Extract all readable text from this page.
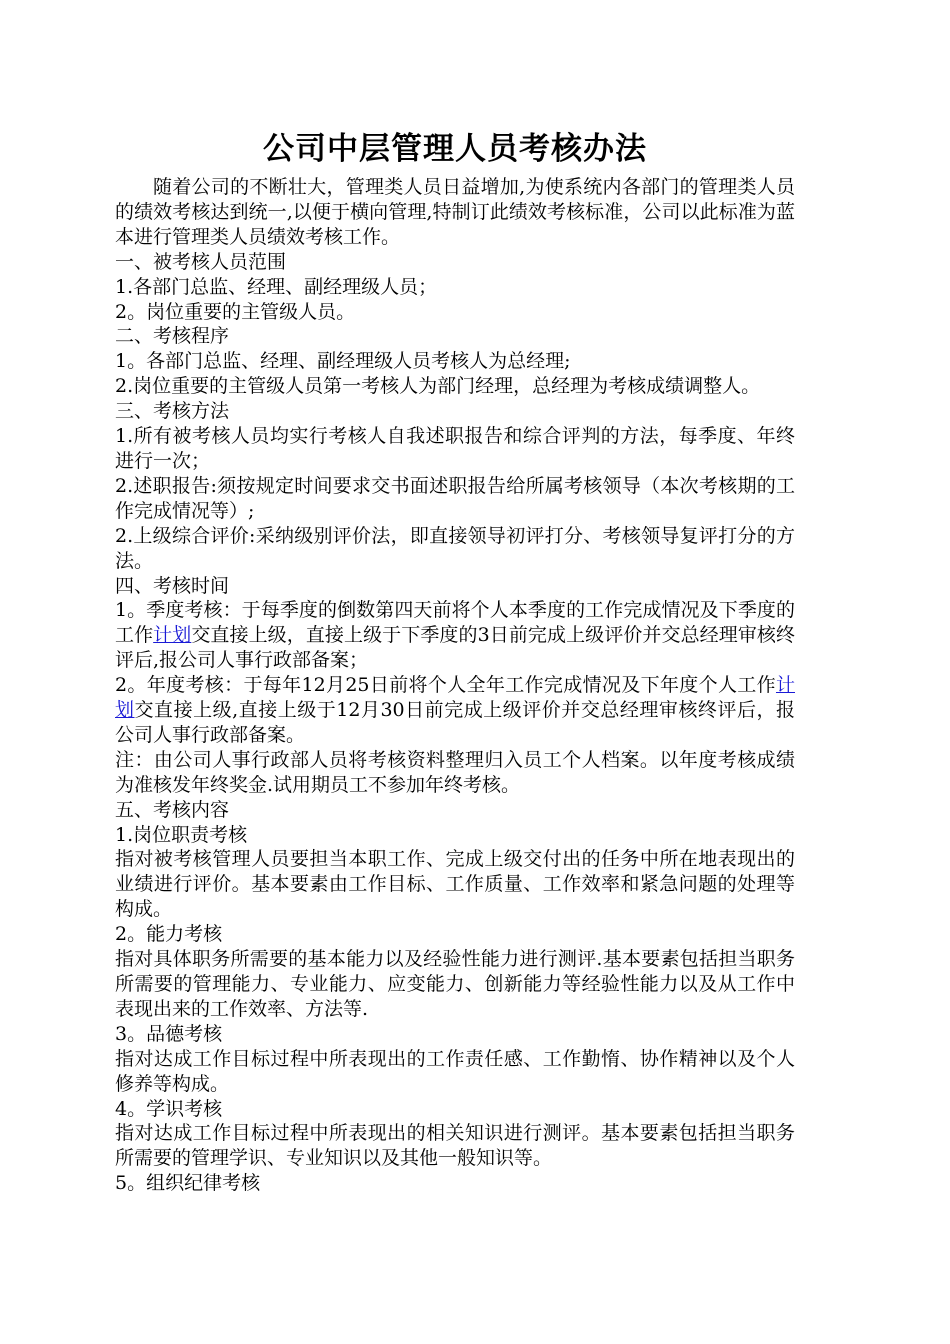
公司中层管理人员考核办法

随着公司的不断壮大，管理类人员日益增加,为使系统内各部门的管理类人员的绩效考核达到统一,以便于横向管理,特制订此绩效考核标准，公司以此标准为蓝本进行管理类人员绩效考核工作。

一、被考核人员范围

1.各部门总监、经理、副经理级人员；

2。岗位重要的主管级人员。

二、考核程序

1。各部门总监、经理、副经理级人员考核人为总经理;

2.岗位重要的主管级人员第一考核人为部门经理，总经理为考核成绩调整人。

三、考核方法

1.所有被考核人员均实行考核人自我述职报告和综合评判的方法，每季度、年终进行一次；

2.述职报告:须按规定时间要求交书面述职报告给所属考核领导（本次考核期的工作完成情况等）;

2.上级综合评价:采纳级别评价法，即直接领导初评打分、考核领导复评打分的方法。

四、考核时间

1。季度考核：于每季度的倒数第四天前将个人本季度的工作完成情况及下季度的工作计划交直接上级，直接上级于下季度的3日前完成上级评价并交总经理审核终评后,报公司人事行政部备案；

2。年度考核：于每年12月25日前将个人全年工作完成情况及下年度个人工作计划交直接上级,直接上级于12月30日前完成上级评价并交总经理审核终评后，报公司人事行政部备案。

注：由公司人事行政部人员将考核资料整理归入员工个人档案。以年度考核成绩为准核发年终奖金.试用期员工不参加年终考核。

五、考核内容

1.岗位职责考核

指对被考核管理人员要担当本职工作、完成上级交付出的任务中所在地表现出的业绩进行评价。基本要素由工作目标、工作质量、工作效率和紧急问题的处理等构成。

2。能力考核

指对具体职务所需要的基本能力以及经验性能力进行测评.基本要素包括担当职务所需要的管理能力、专业能力、应变能力、创新能力等经验性能力以及从工作中表现出来的工作效率、方法等.

3。品德考核

指对达成工作目标过程中所表现出的工作责任感、工作勤惰、协作精神以及个人修养等构成。

4。学识考核

指对达成工作目标过程中所表现出的相关知识进行测评。基本要素包括担当职务所需要的管理学识、专业知识以及其他一般知识等。

5。组织纪律考核
